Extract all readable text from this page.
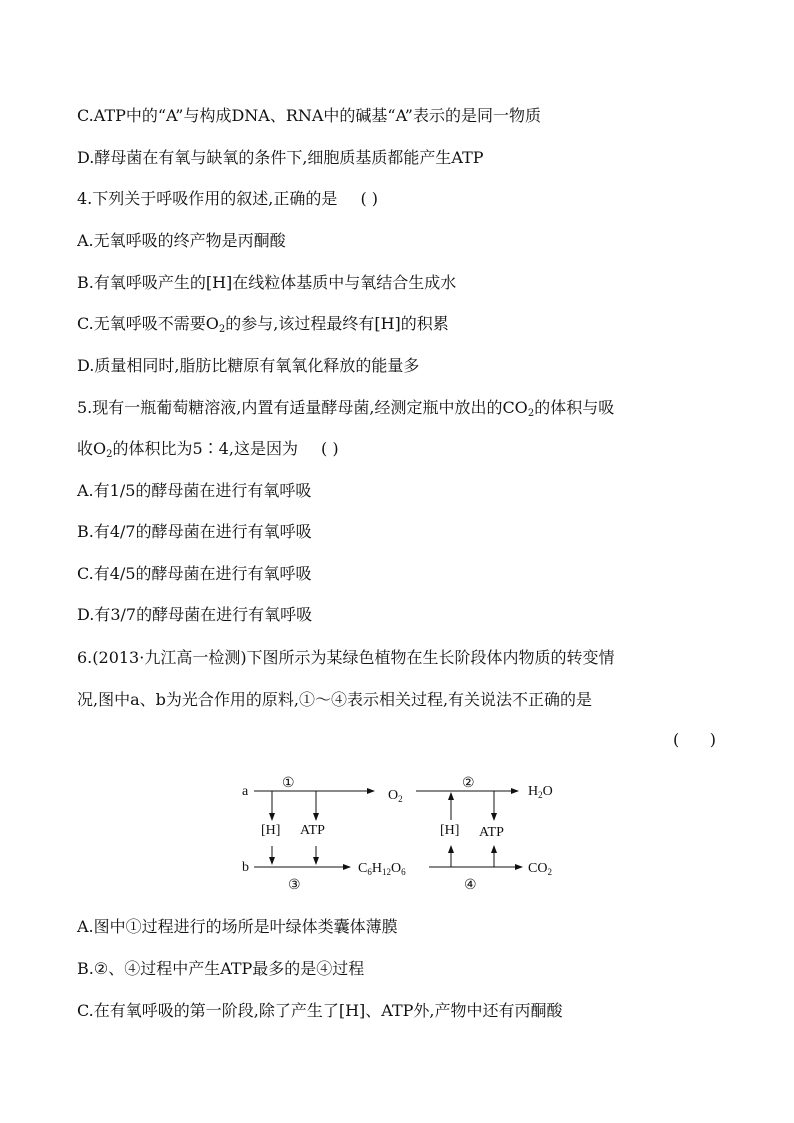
C.ATP中的“A”与构成DNA、RNA中的碱基“A”表示的是同一物质
D.酵母菌在有氧与缺氧的条件下,细胞质基质都能产生ATP
4.下列关于呼吸作用的叙述,正确的是 ( )
A.无氧呼吸的终产物是丙酮酸
B.有氧呼吸产生的[H]在线粒体基质中与氧结合生成水
C.无氧呼吸不需要$O_2$的参与,该过程最终有[H]的积累
D.质量相同时,脂肪比糖原有氧氧化释放的能量多
5.现有一瓶葡萄糖溶液,内置有适量酵母菌,经测定瓶中放出的$CO_2$的体积与吸
收$O_2$的体积比为5∶4,这是因为 ( )
A.有1/5的酵母菌在进行有氧呼吸
B.有4/7的酵母菌在进行有氧呼吸
C.有4/5的酵母菌在进行有氧呼吸
D.有3/7的酵母菌在进行有氧呼吸
6.(2013·九江高一检测)下图所示为某绿色植物在生长阶段体内物质的转变情
况,图中a、b为光合作用的原料,①～④表示相关过程,有关说法不正确的是
(      )
a
①
$O_2$
②
$H_2O$
[H] ATP	[H] ATP
b
③
$C_6H_{12}O_6$
④
$CO_2$
A.图中①过程进行的场所是叶绿体类囊体薄膜
B.②、④过程中产生ATP最多的是④过程
C.在有氧呼吸的第一阶段,除了产生了[H]、ATP外,产物中还有丙酮酸
